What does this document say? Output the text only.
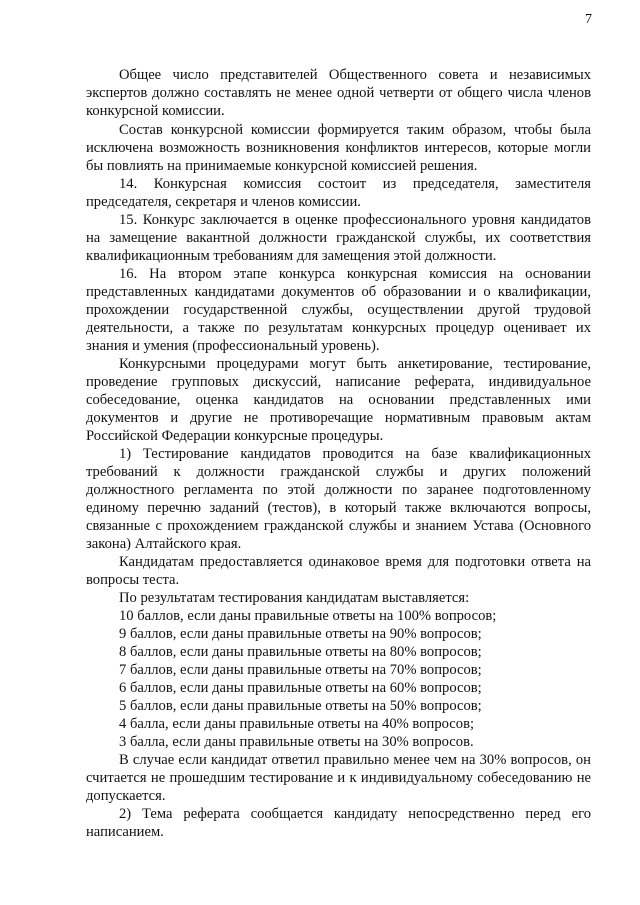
7

Общее число представителей Общественного совета и независимых экспертов должно составлять не менее одной четверти от общего числа членов конкурсной комиссии.

Состав конкурсной комиссии формируется таким образом, чтобы была исключена возможность возникновения конфликтов интересов, которые могли бы повлиять на принимаемые конкурсной комиссией решения.

14. Конкурсная комиссия состоит из председателя, заместителя председателя, секретаря и членов комиссии.

15. Конкурс заключается в оценке профессионального уровня кандидатов на замещение вакантной должности гражданской службы, их соответствия квалификационным требованиям для замещения этой должности.

16. На втором этапе конкурса конкурсная комиссия на основании представленных кандидатами документов об образовании и о квалификации, прохождении государственной службы, осуществлении другой трудовой деятельности, а также по результатам конкурсных процедур оценивает их знания и умения (профессиональный уровень).

Конкурсными процедурами могут быть анкетирование, тестирование, проведение групповых дискуссий, написание реферата, индивидуальное собеседование, оценка кандидатов на основании представленных ими документов и другие не противоречащие нормативным правовым актам Российской Федерации конкурсные процедуры.

1) Тестирование кандидатов проводится на базе квалификационных требований к должности гражданской службы и других положений должностного регламента по этой должности по заранее подготовленному единому перечню заданий (тестов), в который также включаются вопросы, связанные с прохождением гражданской службы и знанием Устава (Основного закона) Алтайского края.

Кандидатам предоставляется одинаковое время для подготовки ответа на вопросы теста.

По результатам тестирования кандидатам выставляется:

10 баллов, если даны правильные ответы на 100% вопросов;

9 баллов, если даны правильные ответы на 90% вопросов;

8 баллов, если даны правильные ответы на 80% вопросов;

7 баллов, если даны правильные ответы на 70% вопросов;

6 баллов, если даны правильные ответы на 60% вопросов;

5 баллов, если даны правильные ответы на 50% вопросов;

4 балла, если даны правильные ответы на 40% вопросов;

3 балла, если даны правильные ответы на 30% вопросов.

В случае если кандидат ответил правильно менее чем на 30% вопросов, он считается не прошедшим тестирование и к индивидуальному собеседованию не допускается.

2) Тема реферата сообщается кандидату непосредственно перед его написанием.
